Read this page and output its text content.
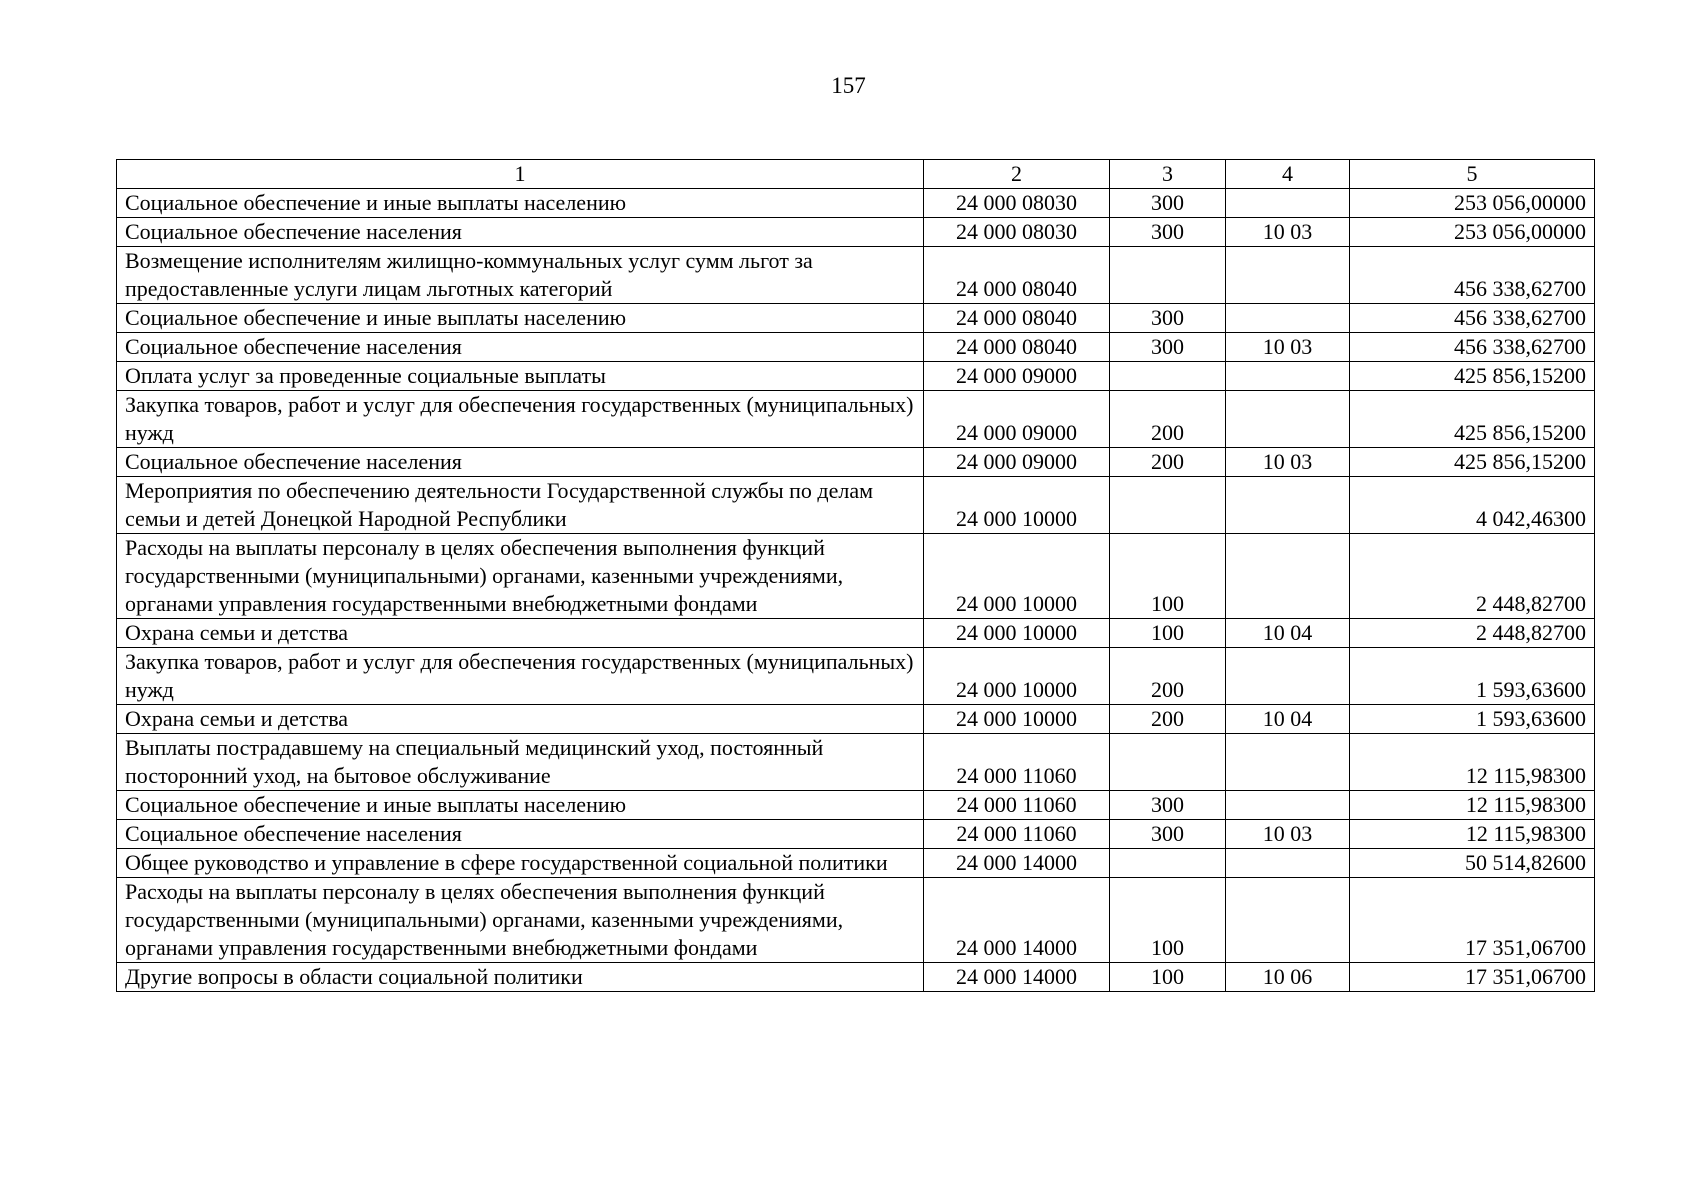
157
1	2	3	4	5
Социальное обеспечение и иные выплаты населению	24 000 08030	300		253 056,00000
Социальное обеспечение населения	24 000 08030	300	10 03	253 056,00000
Возмещение исполнителям жилищно-коммунальных услуг сумм льгот за предоставленные услуги лицам льготных категорий	24 000 08040			456 338,62700
Социальное обеспечение и иные выплаты населению	24 000 08040	300		456 338,62700
Социальное обеспечение населения	24 000 08040	300	10 03	456 338,62700
Оплата услуг за проведенные социальные выплаты	24 000 09000			425 856,15200
Закупка товаров, работ и услуг для обеспечения государственных (муниципальных) нужд	24 000 09000	200		425 856,15200
Социальное обеспечение населения	24 000 09000	200	10 03	425 856,15200
Мероприятия по обеспечению деятельности Государственной службы по делам семьи и детей Донецкой Народной Республики	24 000 10000			4 042,46300
Расходы на выплаты персоналу в целях обеспечения выполнения функций государственными (муниципальными) органами, казенными учреждениями, органами управления государственными внебюджетными фондами	24 000 10000	100		2 448,82700
Охрана семьи и детства	24 000 10000	100	10 04	2 448,82700
Закупка товаров, работ и услуг для обеспечения государственных (муниципальных) нужд	24 000 10000	200		1 593,63600
Охрана семьи и детства	24 000 10000	200	10 04	1 593,63600
Выплаты пострадавшему на специальный медицинский уход, постоянный посторонний уход, на бытовое обслуживание	24 000 11060			12 115,98300
Социальное обеспечение и иные выплаты населению	24 000 11060	300		12 115,98300
Социальное обеспечение населения	24 000 11060	300	10 03	12 115,98300
Общее руководство и управление в сфере государственной социальной политики	24 000 14000			50 514,82600
Расходы на выплаты персоналу в целях обеспечения выполнения функций государственными (муниципальными) органами, казенными учреждениями, органами управления государственными внебюджетными фондами	24 000 14000	100		17 351,06700
Другие вопросы в области социальной политики	24 000 14000	100	10 06	17 351,06700
